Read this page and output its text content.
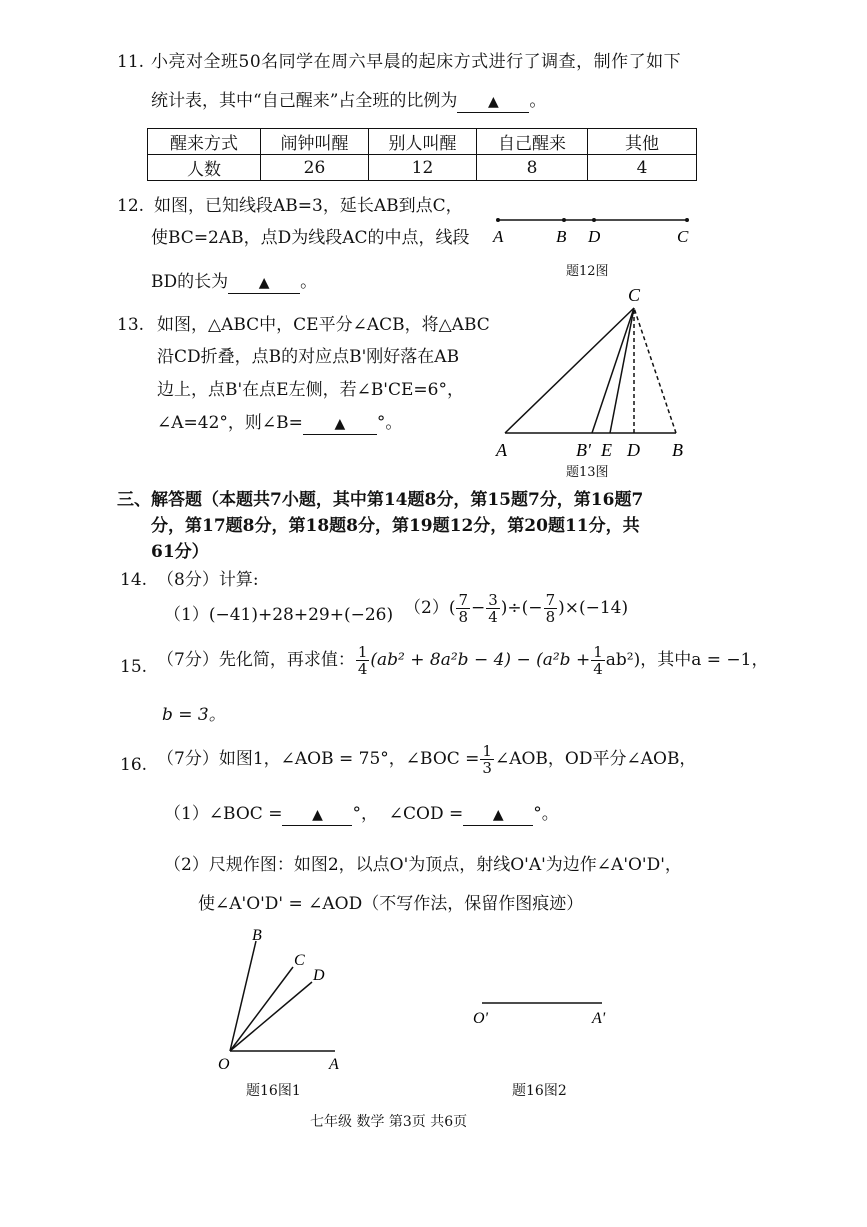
11. 小亮对全班50名同学在周六早晨的起床方式进行了调查，制作了如下
统计表，其中“自己醒来”占全班的比例为 ▲ 。
醒来方式	闹钟叫醒	别人叫醒	自己醒来	其他
人数	26	12	8	4
12. 如图，已知线段AB=3，延长AB到点C，
使BC=2AB，点D为线段AC的中点，线段
BD的长为 ▲ 。
A	B D	C
题12图
13. 如图，△ABC中，CE平分∠ACB，将△ABC
沿CD折叠，点B的对应点B'刚好落在AB
边上，点B'在点E左侧，若∠B'CE=6°，
∠A=42°，则∠B= ▲ °。
C
A	B' E D B
题13图
三、解答题（本题共7小题，其中第14题8分，第15题7分，第16题7
分，第17题8分，第18题8分，第19题12分，第20题11分，共
61分）
14. （8分）计算:
（1）(−41)+28+29+(−26) $(2)( \frac{7}{8} - \frac{3}{4}$ )÷(− $\frac{7}{8} )\times(-14)$
15. （7分）先化简，再求值： $\frac{1}{4} (ab^2 + 8a^2b - 4) - (a^2b + \frac{1}{4} ab^2)$，其中a = −1，
b = 3。
16. （7分）如图1，∠AOB = 75°，∠BOC = $\frac{1}{3}$ ∠AOB，OD平分∠AOB，
（1）∠BOC = ▲ °， ∠COD = ▲ °。
（2）尺规作图：如图2，以点O'为顶点，射线O'A'为边作∠A'O'D'，
使∠A'O'D' = ∠AOD（不写作法，保留作图痕迹）
B
C
D
O	A
题16图1
O'	A'
题16图2
七年级 数学 第3页 共6页
